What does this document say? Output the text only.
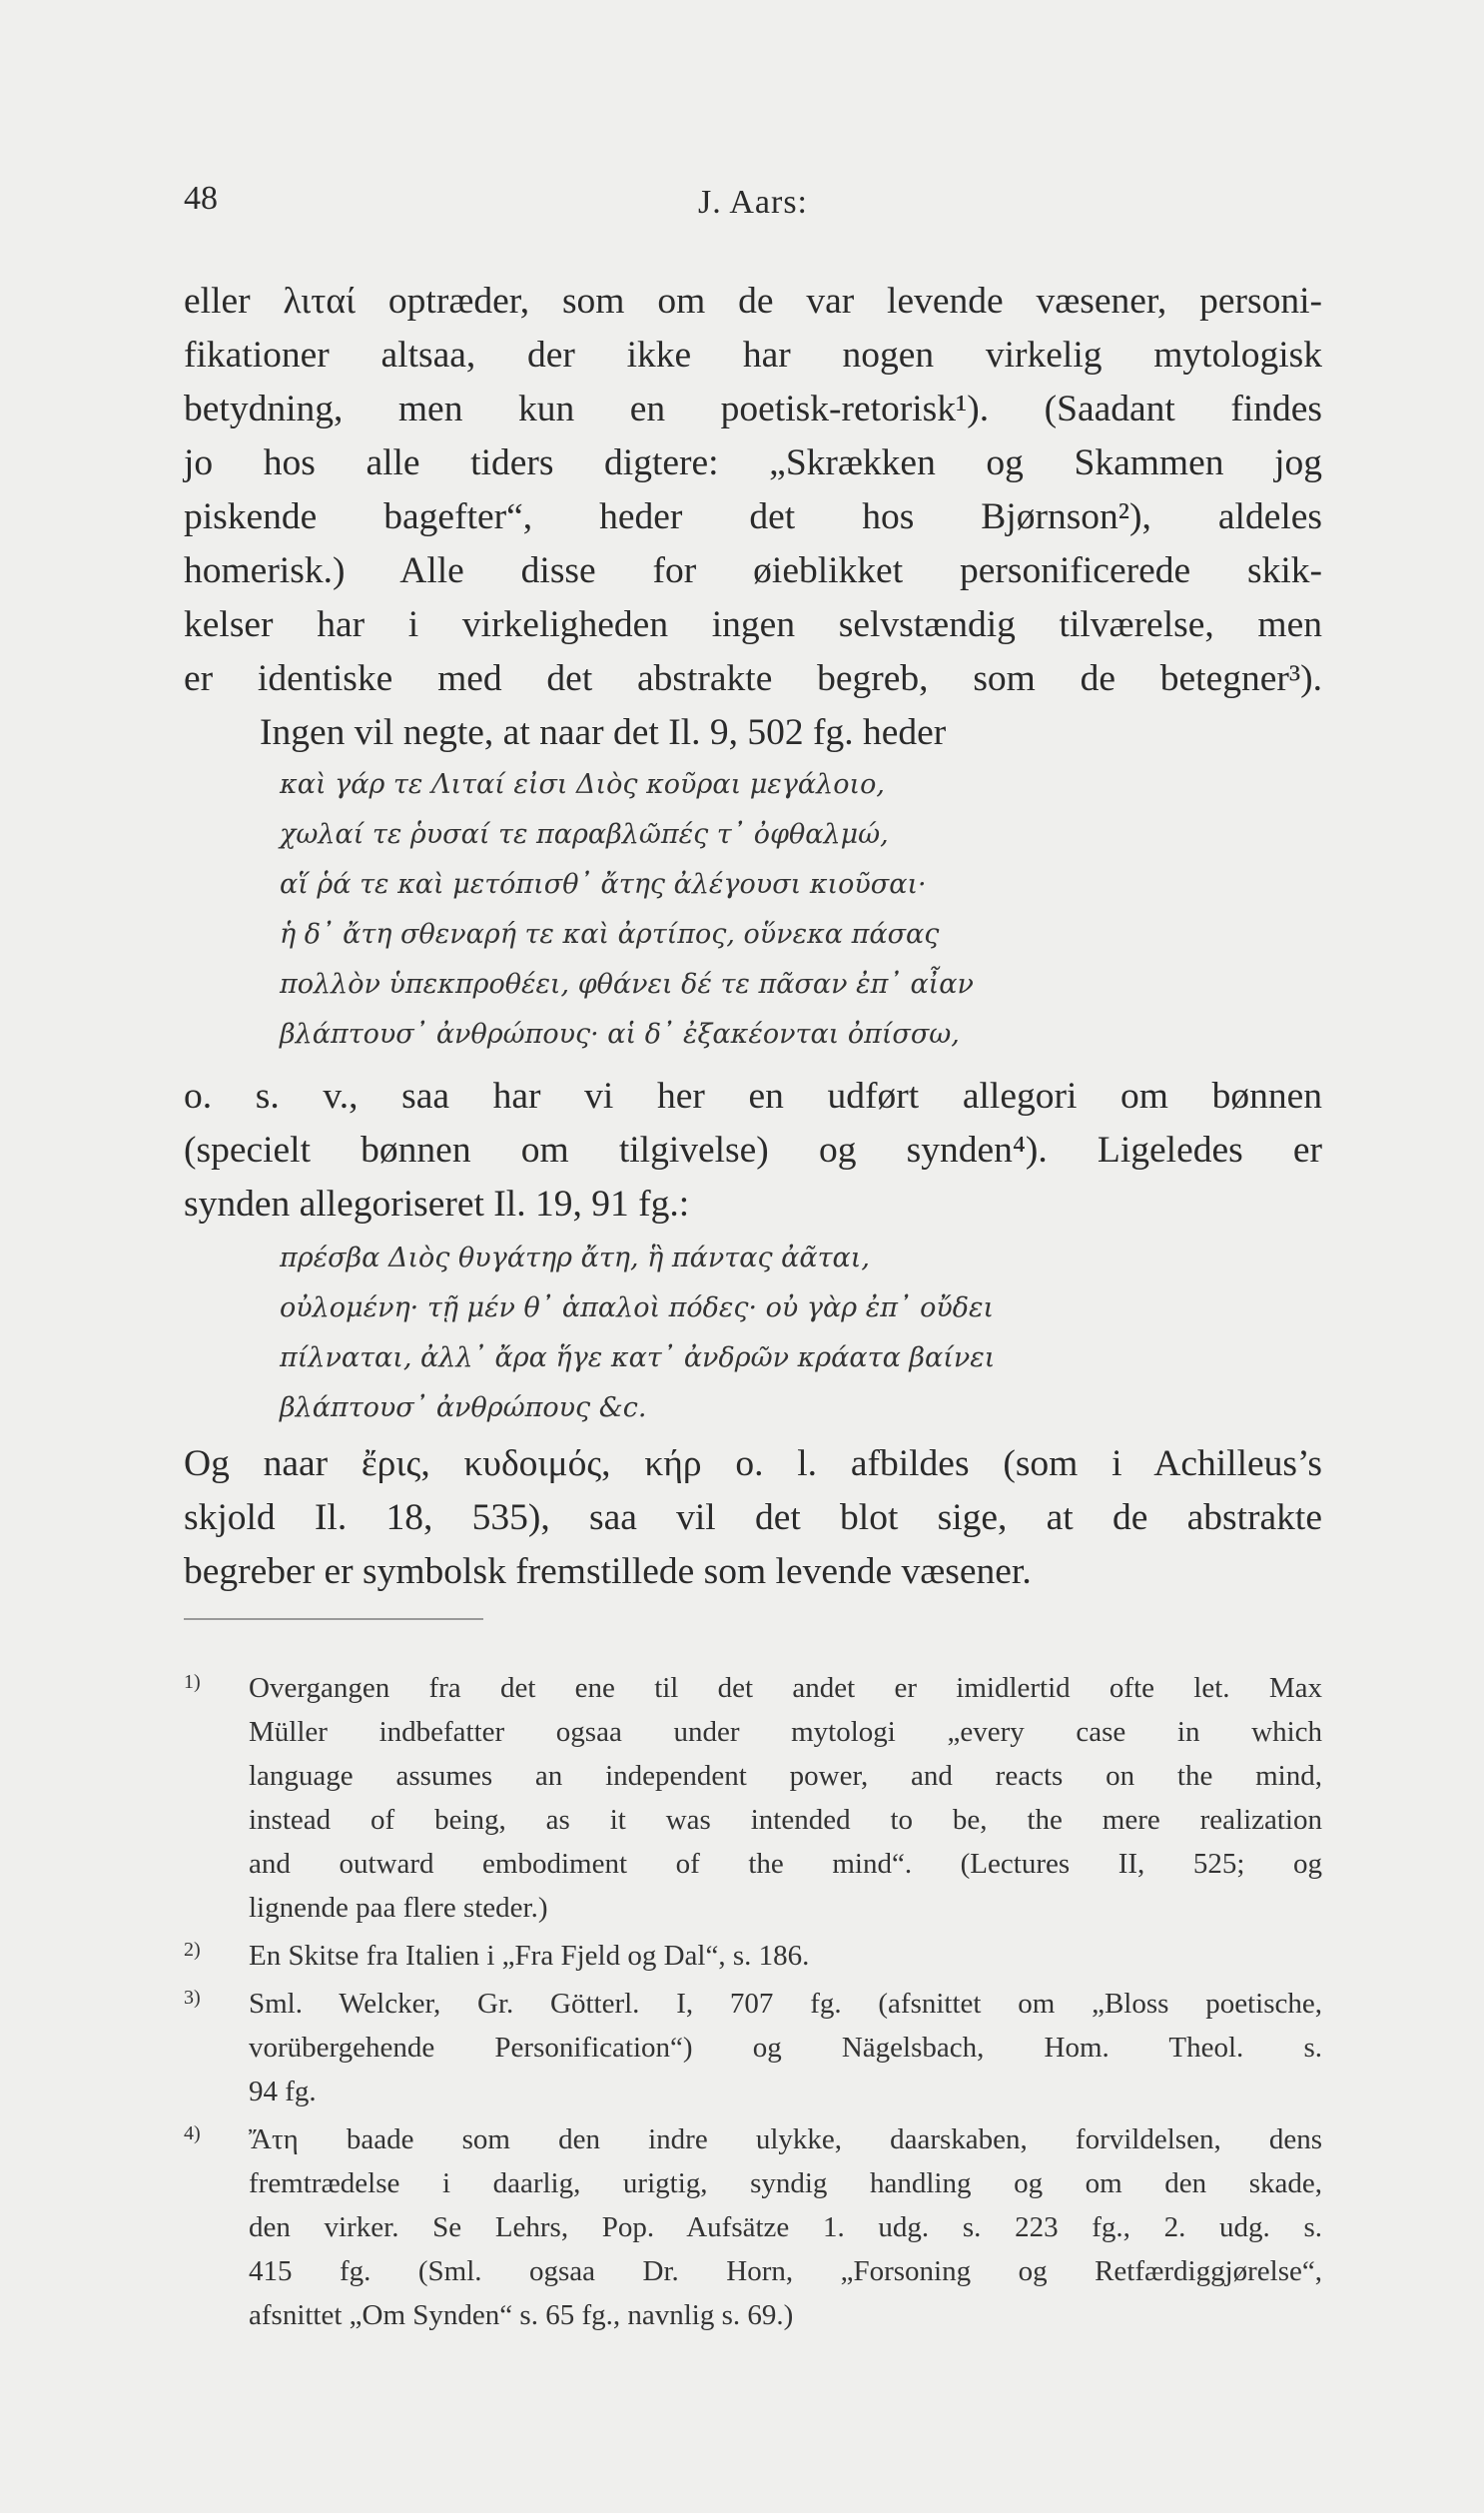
48	J. Aars:
eller λιταί optræder, som om de var levende væsener, personi-
fikationer altsaa, der ikke har nogen virkelig mytologisk
betydning, men kun en poetisk-retorisk¹). (Saadant findes
jo hos alle tiders digtere: „Skrækken og Skammen jog
piskende bagefter“, heder det hos Bjørnson²), aldeles
homerisk.) Alle disse for øieblikket personificerede skik-
kelser har i virkeligheden ingen selvstændig tilværelse, men
er identiske med det abstrakte begreb, som de betegner³).
Ingen vil negte, at naar det Il. 9, 502 fg. heder
καὶ γάρ τε Λιταί εἰσι Διὸς κοῦραι μεγάλοιο,
χωλαί τε ῥυσαί τε παραβλῶπές τ᾽ ὀφθαλμώ,
αἵ ῥά τε καὶ μετόπισθ᾽ ἄτης ἀλέγουσι κιοῦσαι·
ἡ δ᾽ ἄτη σθεναρή τε καὶ ἀρτίπος, οὕνεκα πάσας
πολλὸν ὑπεκπροθέει, φθάνει δέ τε πᾶσαν ἐπ᾽ αἶαν
βλάπτουσ᾽ ἀνθρώπους· αἱ δ᾽ ἐξακέονται ὀπίσσω,
o. s. v., saa har vi her en udført allegori om bønnen
(specielt bønnen om tilgivelse) og synden⁴). Ligeledes er
synden allegoriseret Il. 19, 91 fg.:
πρέσβα Διὸς θυγάτηρ ἄτη, ἣ πάντας ἀᾶται,
οὐλομένη· τῇ μέν θ᾽ ἁπαλοὶ πόδες· οὐ γὰρ ἐπ᾽ οὔδει
πίλναται, ἀλλ᾽ ἄρα ἥγε κατ᾽ ἀνδρῶν κράατα βαίνει
βλάπτουσ᾽ ἀνθρώπους &c.
Og naar ἔρις, κυδοιμός, κήρ o. l. afbildes (som i Achilleus’s
skjold Il. 18, 535), saa vil det blot sige, at de abstrakte
begreber er symbolsk fremstillede som levende væsener.
1) Overgangen fra det ene til det andet er imidlertid ofte let. Max
Müller indbefatter ogsaa under mytologi „every case in which
language assumes an independent power, and reacts on the mind,
instead of being, as it was intended to be, the mere realization
and outward embodiment of the mind“. (Lectures II, 525; og
lignende paa flere steder.)
2) En Skitse fra Italien i „Fra Fjeld og Dal“, s. 186.
3) Sml. Welcker, Gr. Götterl. I, 707 fg. (afsnittet om „Bloss poetische,
vorübergehende Personification“) og Nägelsbach, Hom. Theol. s.
94 fg.
4) Ἄτη baade som den indre ulykke, daarskaben, forvildelsen, dens
fremtrædelse i daarlig, urigtig, syndig handling og om den skade,
den virker. Se Lehrs, Pop. Aufsätze 1. udg. s. 223 fg., 2. udg. s.
415 fg. (Sml. ogsaa Dr. Horn, „Forsoning og Retfærdiggjørelse“,
afsnittet „Om Synden“ s. 65 fg., navnlig s. 69.)
